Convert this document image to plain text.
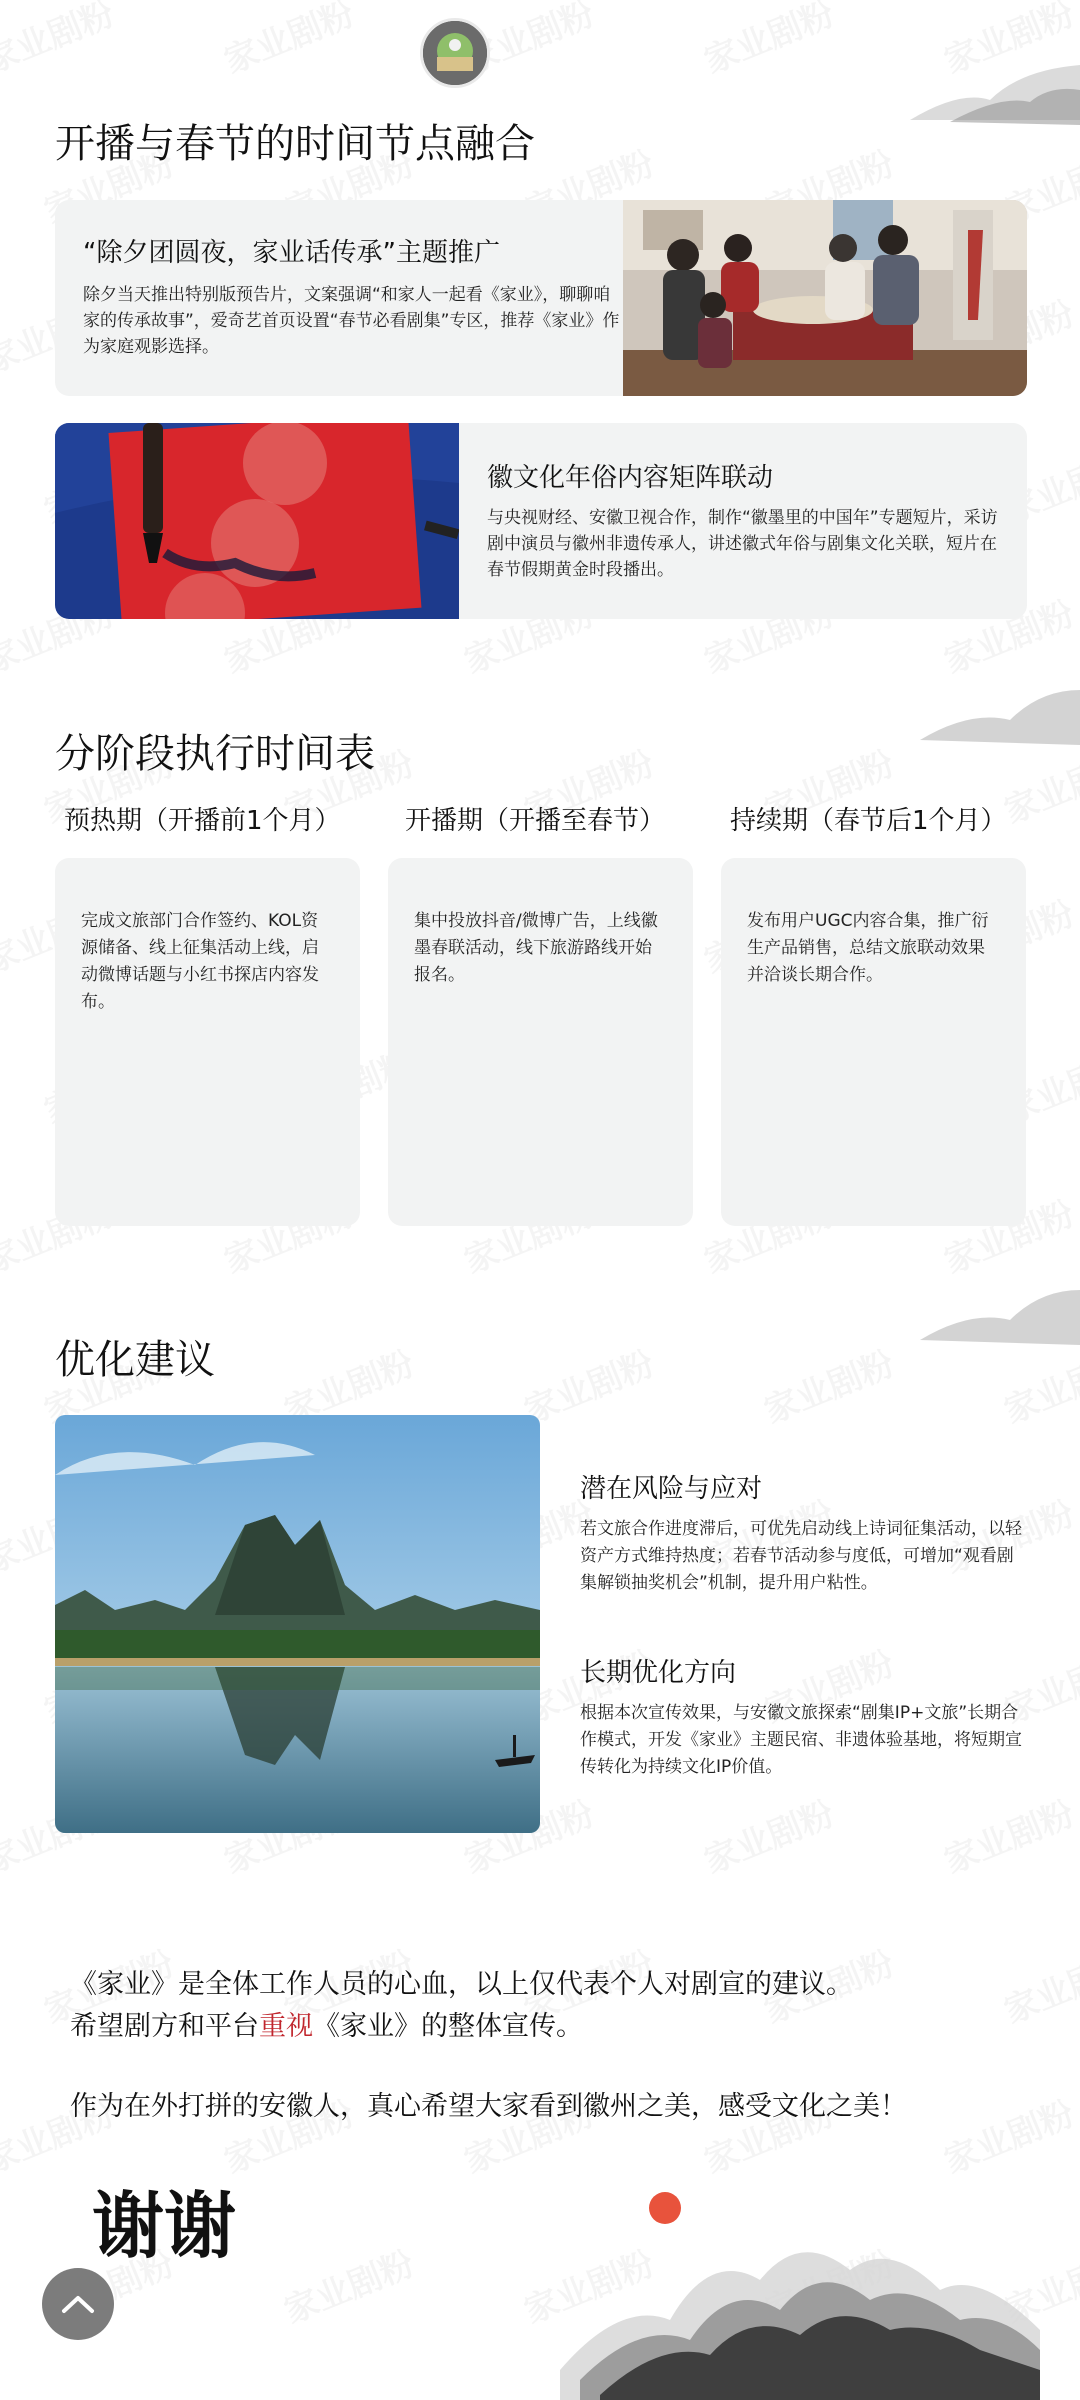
开播与春节的时间节点融合
“除夕团圆夜，家业话传承”主题推广

除夕当天推出特别版预告片，文案强调“和家人一起看《家业》，聊聊咱家的传承故事”，爱奇艺首页设置“春节必看剧集”专区，推荐《家业》作为家庭观影选择。

徽文化年俗内容矩阵联动

与央视财经、安徽卫视合作，制作“徽墨里的中国年”专题短片，采访剧中演员与徽州非遗传承人，讲述徽式年俗与剧集文化关联，短片在春节假期黄金时段播出。

分阶段执行时间表
预热期（开播前1个月） 开播期（开播至春节） 持续期（春节后1个月）

完成文旅部门合作签约、KOL资源储备、线上征集活动上线，启动微博话题与小红书探店内容发布。

集中投放抖音/微博广告，上线徽墨春联活动，线下旅游路线开始报名。

发布用户UGC内容合集，推广衍生产品销售，总结文旅联动效果并洽谈长期合作。

优化建议
潜在风险与应对

若文旅合作进度滞后，可优先启动线上诗词征集活动，以轻资产方式维持热度；若春节活动参与度低，可增加“观看剧集解锁抽奖机会”机制，提升用户粘性。

长期优化方向

根据本次宣传效果，与安徽文旅探索“剧集IP+文旅”长期合作模式，开发《家业》主题民宿、非遗体验基地，将短期宣传转化为持续文化IP价值。

《家业》是全体工作人员的心血，以上仅代表个人对剧宣的建议。

希望剧方和平台重视《家业》的整体宣传。

作为在外打拼的安徽人，真心希望大家看到徽州之美，感受文化之美！

谢谢
